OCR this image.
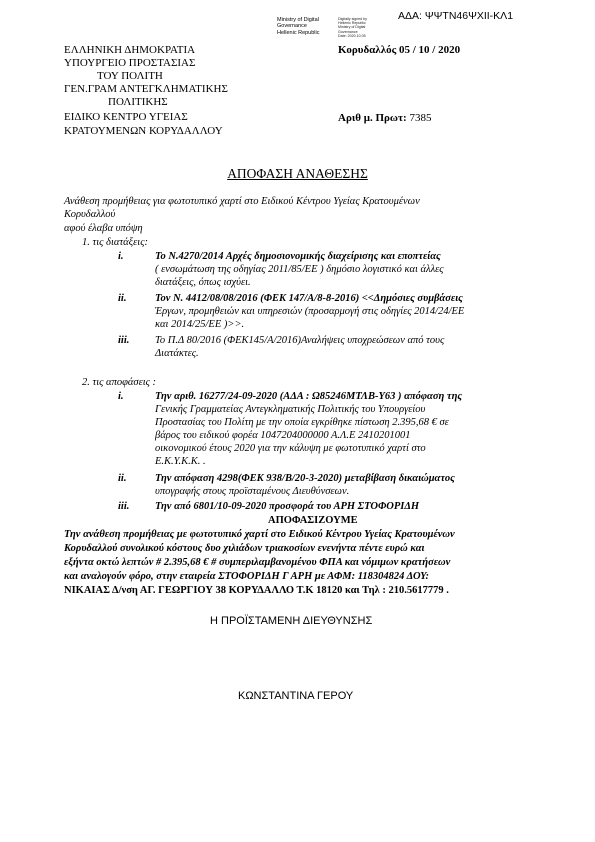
ΑΔΑ: ΨΨΤΝ46ΨΧΙΙ-ΚΛ1
Ministry of Digital
Governance
Hellenic Republic
Digitally signed by
Hellenic Republic
Ministry of Digital
Governance
Date: 2020.10.05
ΕΛΛΗΝΙΚΗ ΔΗΜΟΚΡΑΤΙΑ
ΥΠΟΥΡΓΕΙΟ ΠΡΟΣΤΑΣΙΑΣ
ΤΟΥ ΠΟΛΙΤΗ
ΓΕΝ.ΓΡΑΜ ΑΝΤΕΓΚΛΗΜΑΤΙΚΗΣ
ΠΟΛΙΤΙΚΗΣ
ΕΙΔΙΚΟ ΚΕΝΤΡΟ ΥΓΕΙΑΣ
ΚΡΑΤΟΥΜΕΝΩΝ ΚΟΡΥΔΑΛΛΟΥ
Κορυδαλλός 05 / 10 / 2020
Αριθ μ. Πρωτ: 7385
ΑΠΟΦΑΣΗ ΑΝΑΘΕΣΗΣ
Ανάθεση προμήθειας για φωτοτυπικό χαρτί στο Ειδικού Κέντρου Υγείας Κρατουμένων
Κορυδαλλού
αφού έλαβα υπόψη
1. τις διατάξεις:
i.	Το Ν.4270/2014 Αρχές δημοσιονομικής διαχείρισης και εποπτείας
( ενσωμάτωση της οδηγίας 2011/85/ΕΕ ) δημόσιο λογιστικό και άλλες
διατάξεις, όπως ισχύει.
ii.	Τον Ν. 4412/08/08/2016 (ΦΕΚ 147/Α/8-8-2016) <<Δημόσιες συμβάσεις
Έργων, προμηθειών και υπηρεσιών (προσαρμογή στις οδηγίες 2014/24/ΕΕ
και 2014/25/ΕΕ )>>.
iii. Το Π.Δ 80/2016 (ΦΕΚ145/Α/2016)Αναλήψεις υποχρεώσεων από τους
Διατάκτες.
2. τις αποφάσεις :
i.	Την αριθ. 16277/24-09-2020 (ΑΔΑ : Ω85246ΜΤΛΒ-Υ63 ) απόφαση της
Γενικής Γραμματείας Αντεγκληματικής Πολιτικής του Υπουργείου
Προστασίας του Πολίτη με την οποία εγκρίθηκε πίστωση 2.395,68 € σε
βάρος του ειδικού φορέα 1047204000000 Α.Λ.Ε 2410201001
οικονομικού έτους 2020 για την κάλυψη με φωτοτυπικό χαρτί στο
Ε.Κ.Υ.Κ.Κ. .
ii.	Την απόφαση 4298(ΦΕΚ 938/Β/20-3-2020) μεταβίβαση δικαιώματος
υπογραφής στους προϊσταμένους Διευθύνσεων.
iii. Την από 6801/10-09-2020 προσφορά του ΑΡΗ ΣΤΟΦΟΡΙΔΗ
ΑΠΟΦΑΣΙΖΟΥΜΕ
Την ανάθεση προμήθειας με φωτοτυπικό χαρτί στο Ειδικού Κέντρου Υγείας Κρατουμένων
Κορυδαλλού συνολικού κόστους δυο χιλιάδων τριακοσίων ενενήντα πέντε ευρώ και
εξήντα οκτώ λεπτών # 2.395,68 € # συμπεριλαμβανομένου ΦΠΑ και νόμιμων κρατήσεων
και αναλογούν φόρο, στην εταιρεία ΣΤΟΦΟΡΙΔΗ Γ ΑΡΗ με ΑΦΜ: 118304824 ΔΟΥ:
ΝΙΚΑΙΑΣ Δ/νση ΑΓ. ΓΕΩΡΓΙΟΥ 38 ΚΟΡΥΔΑΛΛΟ Τ.Κ 18120 και Τηλ : 210.5617779 .
Η ΠΡΟΪΣΤΑΜΕΝΗ ΔΙΕΥΘΥΝΣΗΣ
ΚΩΝΣΤΑΝΤΙΝΑ ΓΕΡΟΥ
